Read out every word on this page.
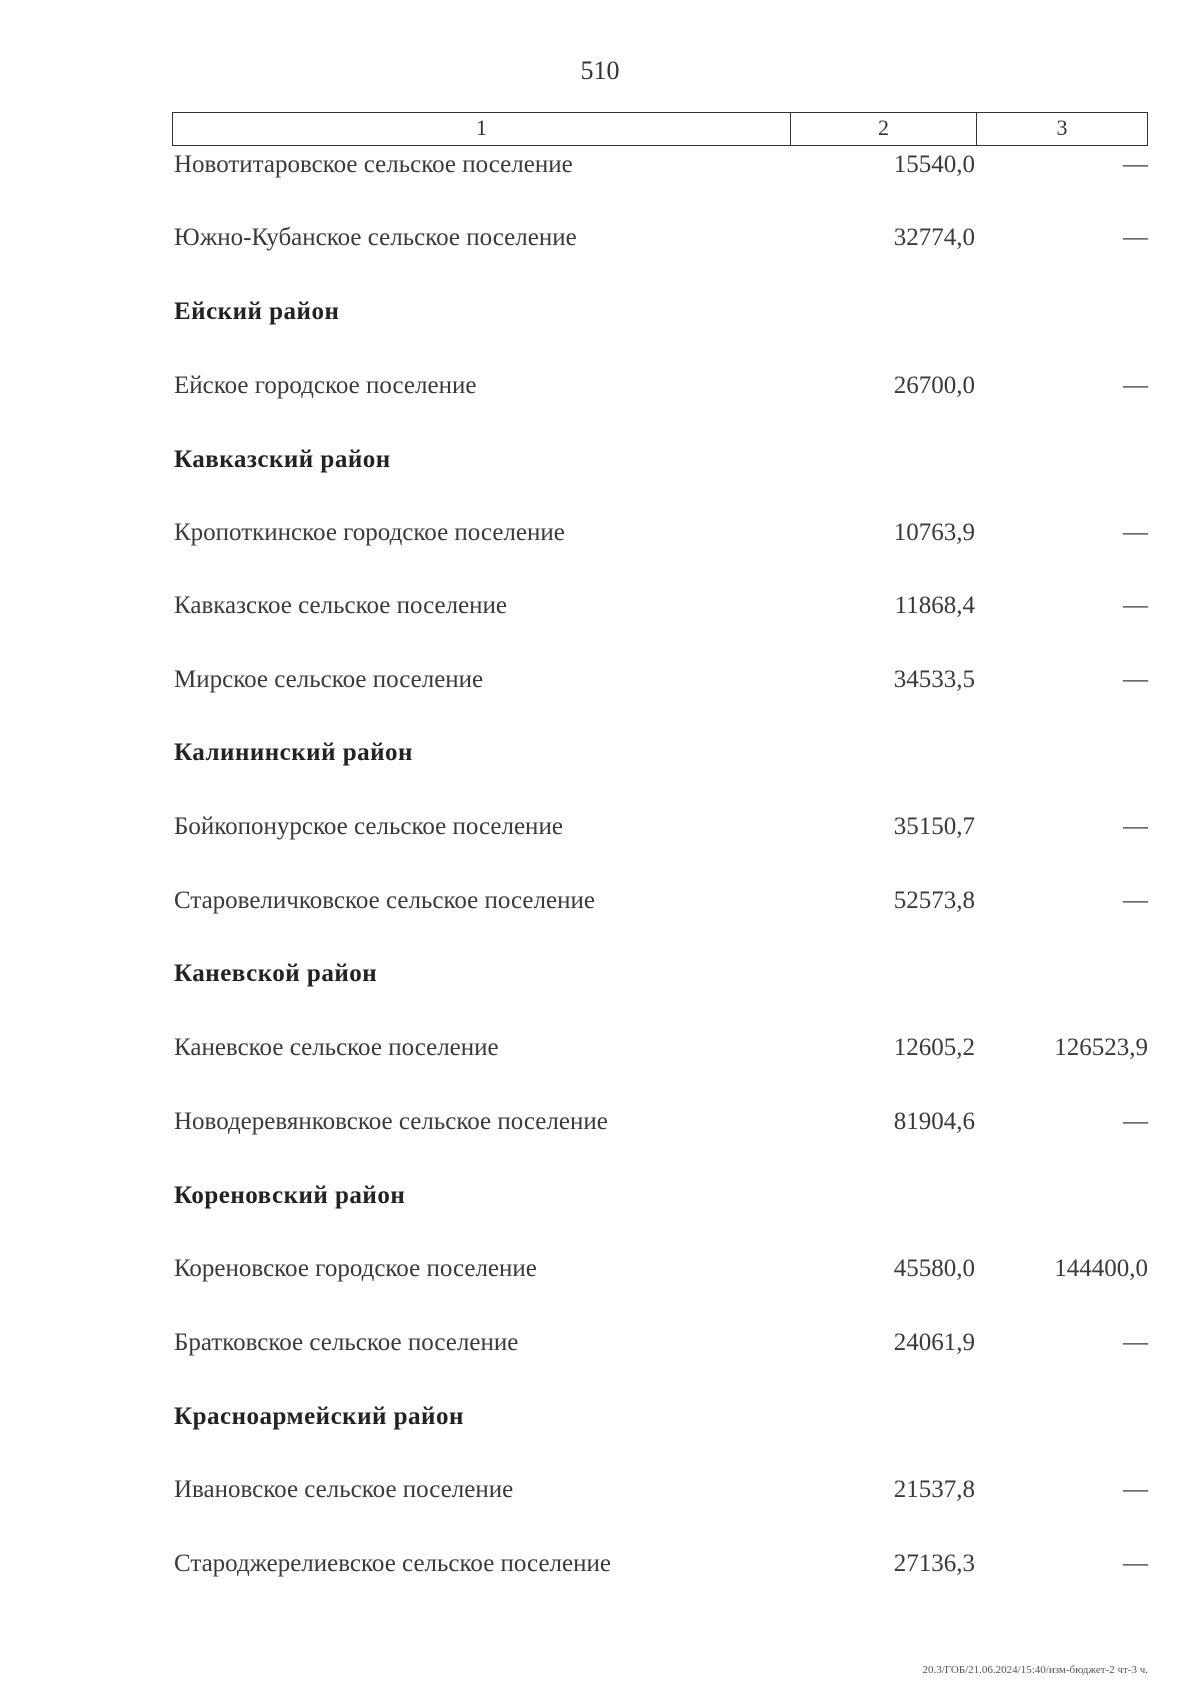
510
1	2	3
Новотитаровское сельское поселение	15540,0	—
Южно-Кубанское сельское поселение	32774,0	—
Ейский район
Ейское городское поселение	26700,0	—
Кавказский район
Кропоткинское городское поселение	10763,9	—
Кавказское сельское поселение	11868,4	—
Мирское сельское поселение	34533,5	—
Калининский район
Бойкопонурское сельское поселение	35150,7	—
Старовеличковское сельское поселение	52573,8	—
Каневской район
Каневское сельское поселение	12605,2	126523,9
Новодеревянковское сельское поселение	81904,6	—
Кореновский район
Кореновское городское поселение	45580,0	144400,0
Братковское сельское поселение	24061,9	—
Красноармейский район
Ивановское сельское поселение	21537,8	—
Староджерелиевское сельское поселение	27136,3	—
20.3/ГОБ/21.06.2024/15:40/изм-бюджет-2 чт-3 ч.
